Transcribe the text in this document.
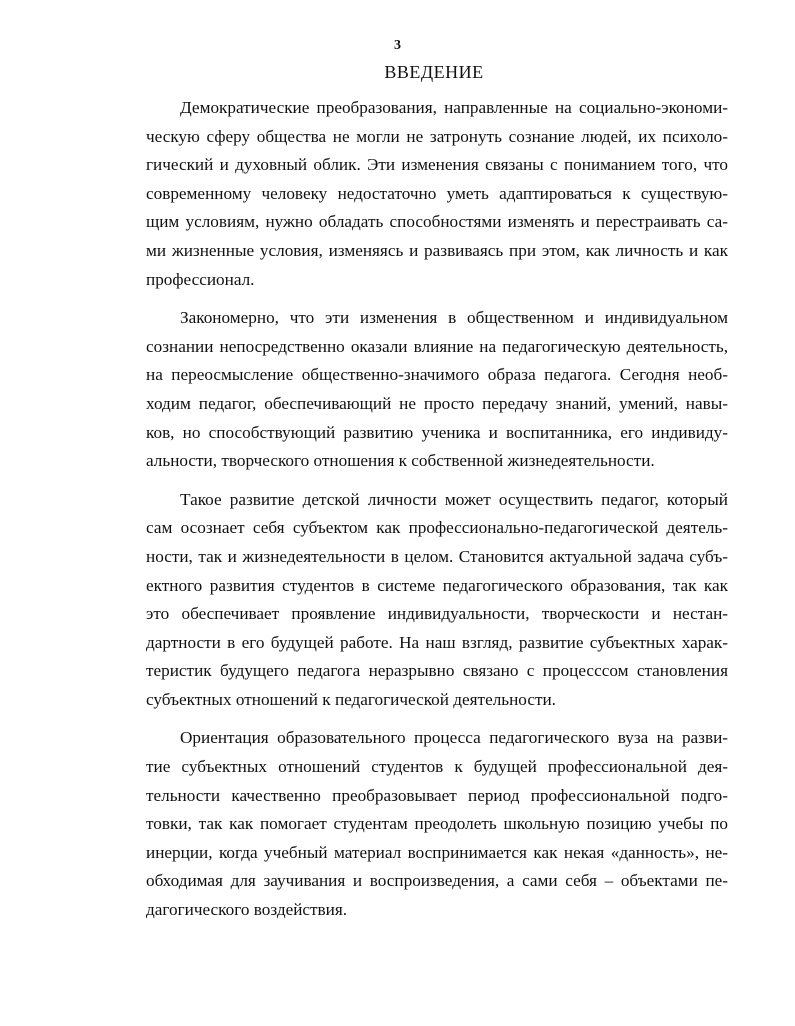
3
ВВЕДЕНИЕ
Демократические преобразования, направленные на социально-экономи-
ческую сферу общества не могли не затронуть сознание людей, их психоло-
гический и духовный облик. Эти изменения связаны с пониманием того, что
современному человеку недостаточно уметь адаптироваться к существую-
щим условиям, нужно обладать способностями изменять и перестраивать са-
ми жизненные условия, изменяясь и развиваясь при этом, как личность и как
профессионал.
Закономерно, что эти изменения в общественном и индивидуальном
сознании непосредственно оказали влияние на педагогическую деятельность,
на переосмысление общественно-значимого образа педагога. Сегодня необ-
ходим педагог, обеспечивающий не просто передачу знаний, умений, навы-
ков, но способствующий развитию ученика и воспитанника, его индивиду-
альности, творческого отношения к собственной жизнедеятельности.
Такое развитие детской личности может осуществить педагог, который
сам осознает себя субъектом как профессионально-педагогической деятель-
ности, так и жизнедеятельности в целом. Становится актуальной задача субъ-
ектного развития студентов в системе педагогического образования, так как
это обеспечивает проявление индивидуальности, творческости и нестан-
дартности в его будущей работе. На наш взгляд, развитие субъектных харак-
теристик будущего педагога неразрывно связано с процесссом становления
субъектных отношений к педагогической деятельности.
Ориентация образовательного процесса педагогического вуза на разви-
тие субъектных отношений студентов к будущей профессиональной дея-
тельности качественно преобразовывает период профессиональной подго-
товки, так как помогает студентам преодолеть школьную позицию учебы по
инерции, когда учебный материал воспринимается как некая «данность», не-
обходимая для заучивания и воспроизведения, а сами себя – объектами пе-
дагогического воздействия.
